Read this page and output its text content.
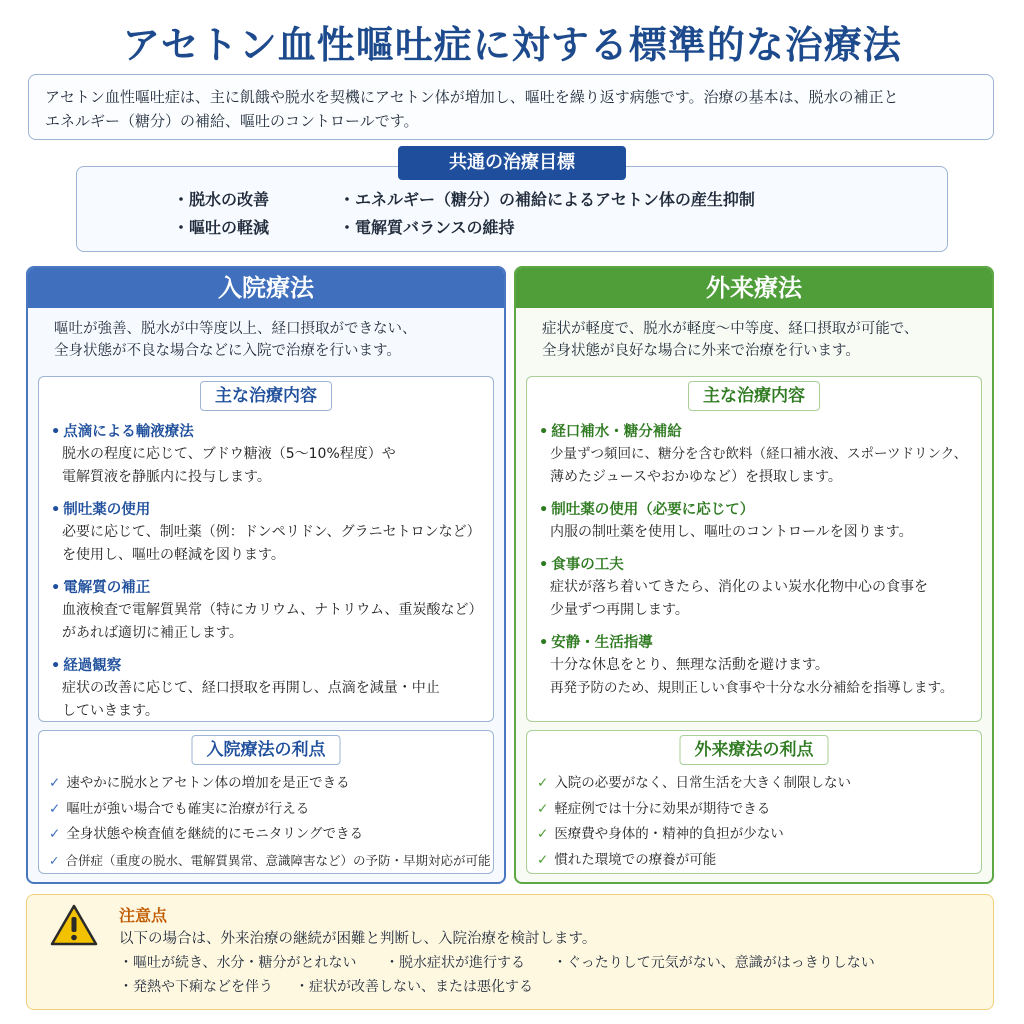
アセトン血性嘔吐症に対する標準的な治療法
アセトン血性嘔吐症は、主に飢餓や脱水を契機にアセトン体が増加し、嘔吐を繰り返す病態です。治療の基本は、脱水の補正と
エネルギー（糖分）の補給、嘔吐のコントロールです。
・脱水の改善	・エネルギー（糖分）の補給によるアセトン体の産生抑制
・嘔吐の軽減	・電解質バランスの維持
共通の治療目標
入院療法
嘔吐が強善、脱水が中等度以上、経口摂取ができない、
全身状態が不良な場合などに入院で治療を行います。
主な治療内容
• 点滴による輸液療法
脱水の程度に応じて、ブドウ糖液（5〜10%程度）や
電解質液を静脈内に投与します。
• 制吐薬の使用
必要に応じて、制吐薬（例：ドンペリドン、グラニセトロンなど）
を使用し、嘔吐の軽減を図ります。
• 電解質の補正
血液検査で電解質異常（特にカリウム、ナトリウム、重炭酸など）
があれば適切に補正します。
• 経過観察
症状の改善に応じて、経口摂取を再開し、点滴を減量・中止
していきます。
入院療法の利点
✓ 速やかに脱水とアセトン体の増加を是正できる
✓ 嘔吐が強い場合でも確実に治療が行える
✓ 全身状態や検査値を継続的にモニタリングできる
✓ 合併症（重度の脱水、電解質異常、意識障害など）の予防・早期対応が可能
外来療法
症状が軽度で、脱水が軽度〜中等度、経口摂取が可能で、
全身状態が良好な場合に外来で治療を行います。
主な治療内容
• 経口補水・糖分補給
少量ずつ頻回に、糖分を含む飲料（経口補水液、スポーツドリンク、
薄めたジュースやおかゆなど）を摂取します。
• 制吐薬の使用（必要に応じて）
内服の制吐薬を使用し、嘔吐のコントロールを図ります。
• 食事の工夫
症状が落ち着いてきたら、消化のよい炭水化物中心の食事を
少量ずつ再開します。
• 安静・生活指導
十分な休息をとり、無理な活動を避けます。
再発予防のため、規則正しい食事や十分な水分補給を指導します。
外来療法の利点
✓ 入院の必要がなく、日常生活を大きく制限しない
✓ 軽症例では十分に効果が期待できる
✓ 医療費や身体的・精神的負担が少ない
✓ 慣れた環境での療養が可能
注意点
以下の場合は、外来治療の継続が困難と判断し、入院治療を検討します。
・嘔吐が続き、水分・糖分がとれない ・脱水症状が進行する ・ぐったりして元気がない、意識がはっきりしない
・発熱や下痢などを伴う ・症状が改善しない、または悪化する
